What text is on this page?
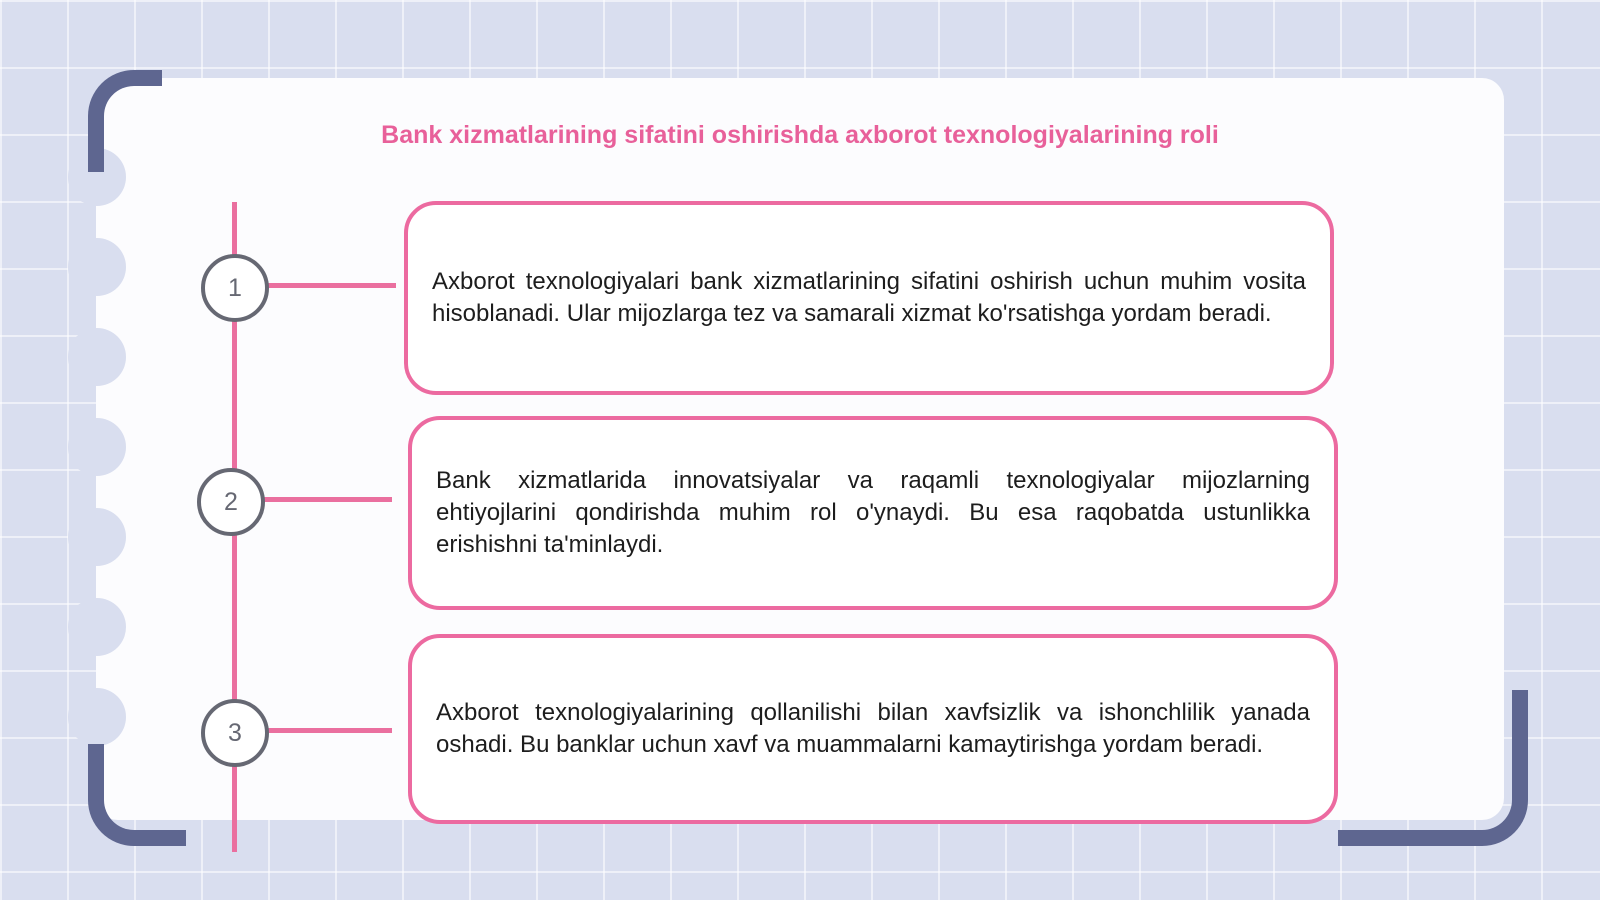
Bank xizmatlarining sifatini oshirishda axborot texnologiyalarining roli
1	Axborot texnologiyalari bank xizmatlarining sifatini oshirish uchun muhim vosita hisoblanadi. Ular mijozlarga tez va samarali xizmat ko'rsatishga yordam beradi.

2

Bank xizmatlarida innovatsiyalar va raqamli texnologiyalar mijozlarning ehtiyojlarini qondirishda muhim rol o'ynaydi. Bu esa raqobatda ustunlikka erishishni ta'minlaydi.

3

Axborot texnologiyalarining qollanilishi bilan xavfsizlik va ishonchlilik yanada oshadi. Bu banklar uchun xavf va muammalarni kamaytirishga yordam beradi.
